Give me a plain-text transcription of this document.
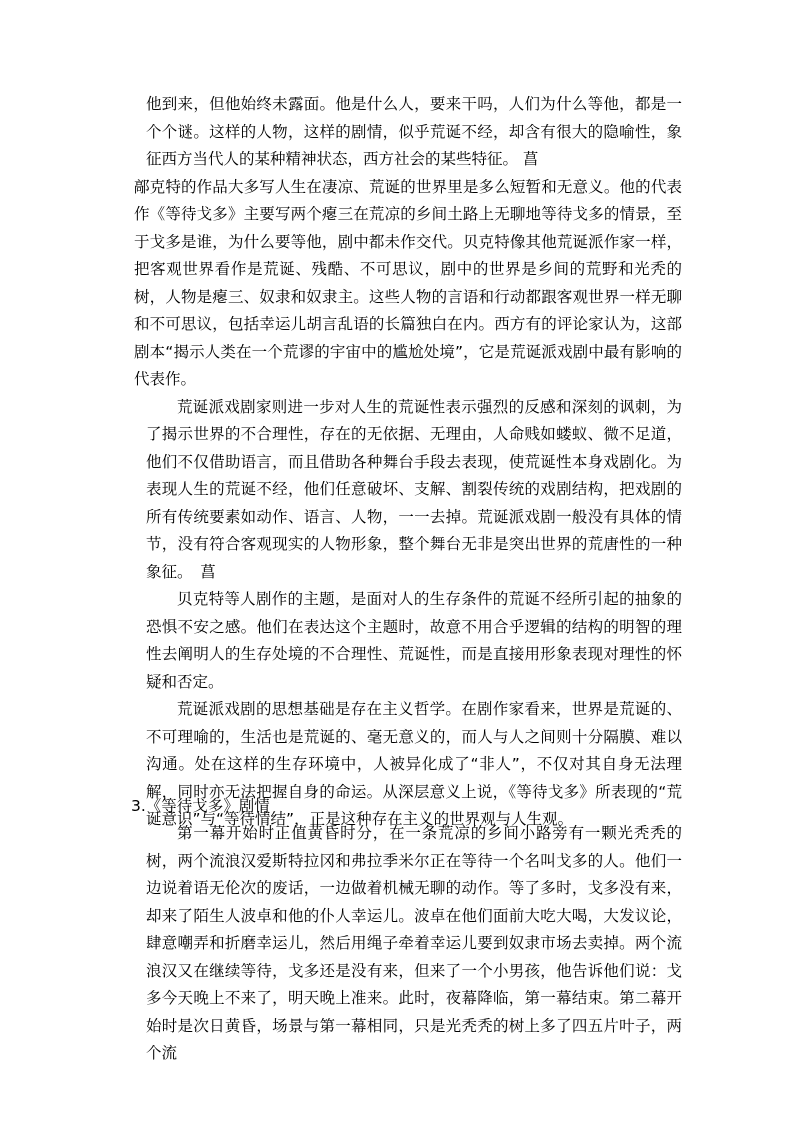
他到来，但他始终未露面。他是什么人，要来干吗，人们为什么等他，都是一个个谜。这样的人物，这样的剧情，似乎荒诞不经，却含有很大的隐喻性，象征西方当代人的某种精神状态，西方社会的某些特征。 菖

鄗克特的作品大多写人生在凄凉、荒诞的世界里是多么短暂和无意义。他的代表作《等待戈多》主要写两个瘪三在荒凉的乡间土路上无聊地等待戈多的情景，至于戈多是谁，为什么要等他，剧中都未作交代。贝克特像其他荒诞派作家一样，把客观世界看作是荒诞、残酷、不可思议，剧中的世界是乡间的荒野和光秃的树，人物是瘪三、奴隶和奴隶主。这些人物的言语和行动都跟客观世界一样无聊和不可思议，包括幸运儿胡言乱语的长篇独白在内。西方有的评论家认为，这部剧本“揭示人类在一个荒谬的宇宙中的尴尬处境”，它是荒诞派戏剧中最有影响的代表作。

荒诞派戏剧家则进一步对人生的荒诞性表示强烈的反感和深刻的讽刺，为了揭示世界的不合理性，存在的无依据、无理由，人命贱如蝼蚁、微不足道，他们不仅借助语言，而且借助各种舞台手段去表现，使荒诞性本身戏剧化。为表现人生的荒诞不经，他们任意破坏、支解、割裂传统的戏剧结构，把戏剧的所有传统要素如动作、语言、人物，一一去掉。荒诞派戏剧一般没有具体的情节，没有符合客观现实的人物形象，整个舞台无非是突出世界的荒唐性的一种象征。　菖

贝克特等人剧作的主题，是面对人的生存条件的荒诞不经所引起的抽象的恐惧不安之感。他们在表达这个主题时，故意不用合乎逻辑的结构的明智的理性去阐明人的生存处境的不合理性、荒诞性，而是直接用形象表现对理性的怀疑和否定。

荒诞派戏剧的思想基础是存在主义哲学。在剧作家看来，世界是荒诞的、不可理喻的，生活也是荒诞的、毫无意义的，而人与人之间则十分隔膜、难以沟通。处在这样的生存环境中，人被异化成了“非人”，不仅对其自身无法理解，同时亦无法把握自身的命运。从深层意义上说，《等待戈多》所表现的“荒诞意识”与“等待情结”，正是这种存在主义的世界观与人生观。

3.《等待戈多》剧情

第一幕开始时正值黄昏时分，在一条荒凉的乡间小路旁有一颗光秃秃的树，两个流浪汉爱斯特拉冈和弗拉季米尔正在等待一个名叫戈多的人。他们一边说着语无伦次的废话，一边做着机械无聊的动作。等了多时，戈多没有来，却来了陌生人波卓和他的仆人幸运儿。波卓在他们面前大吃大喝，大发议论，肆意嘲弄和折磨幸运儿，然后用绳子牵着幸运儿要到奴隶市场去卖掉。两个流浪汉又在继续等待，戈多还是没有来，但来了一个小男孩，他告诉他们说：戈多今天晚上不来了，明天晚上准来。此时，夜幕降临，第一幕结束。第二幕开始时是次日黄昏，场景与第一幕相同，只是光秃秃的树上多了四五片叶子，两个流
